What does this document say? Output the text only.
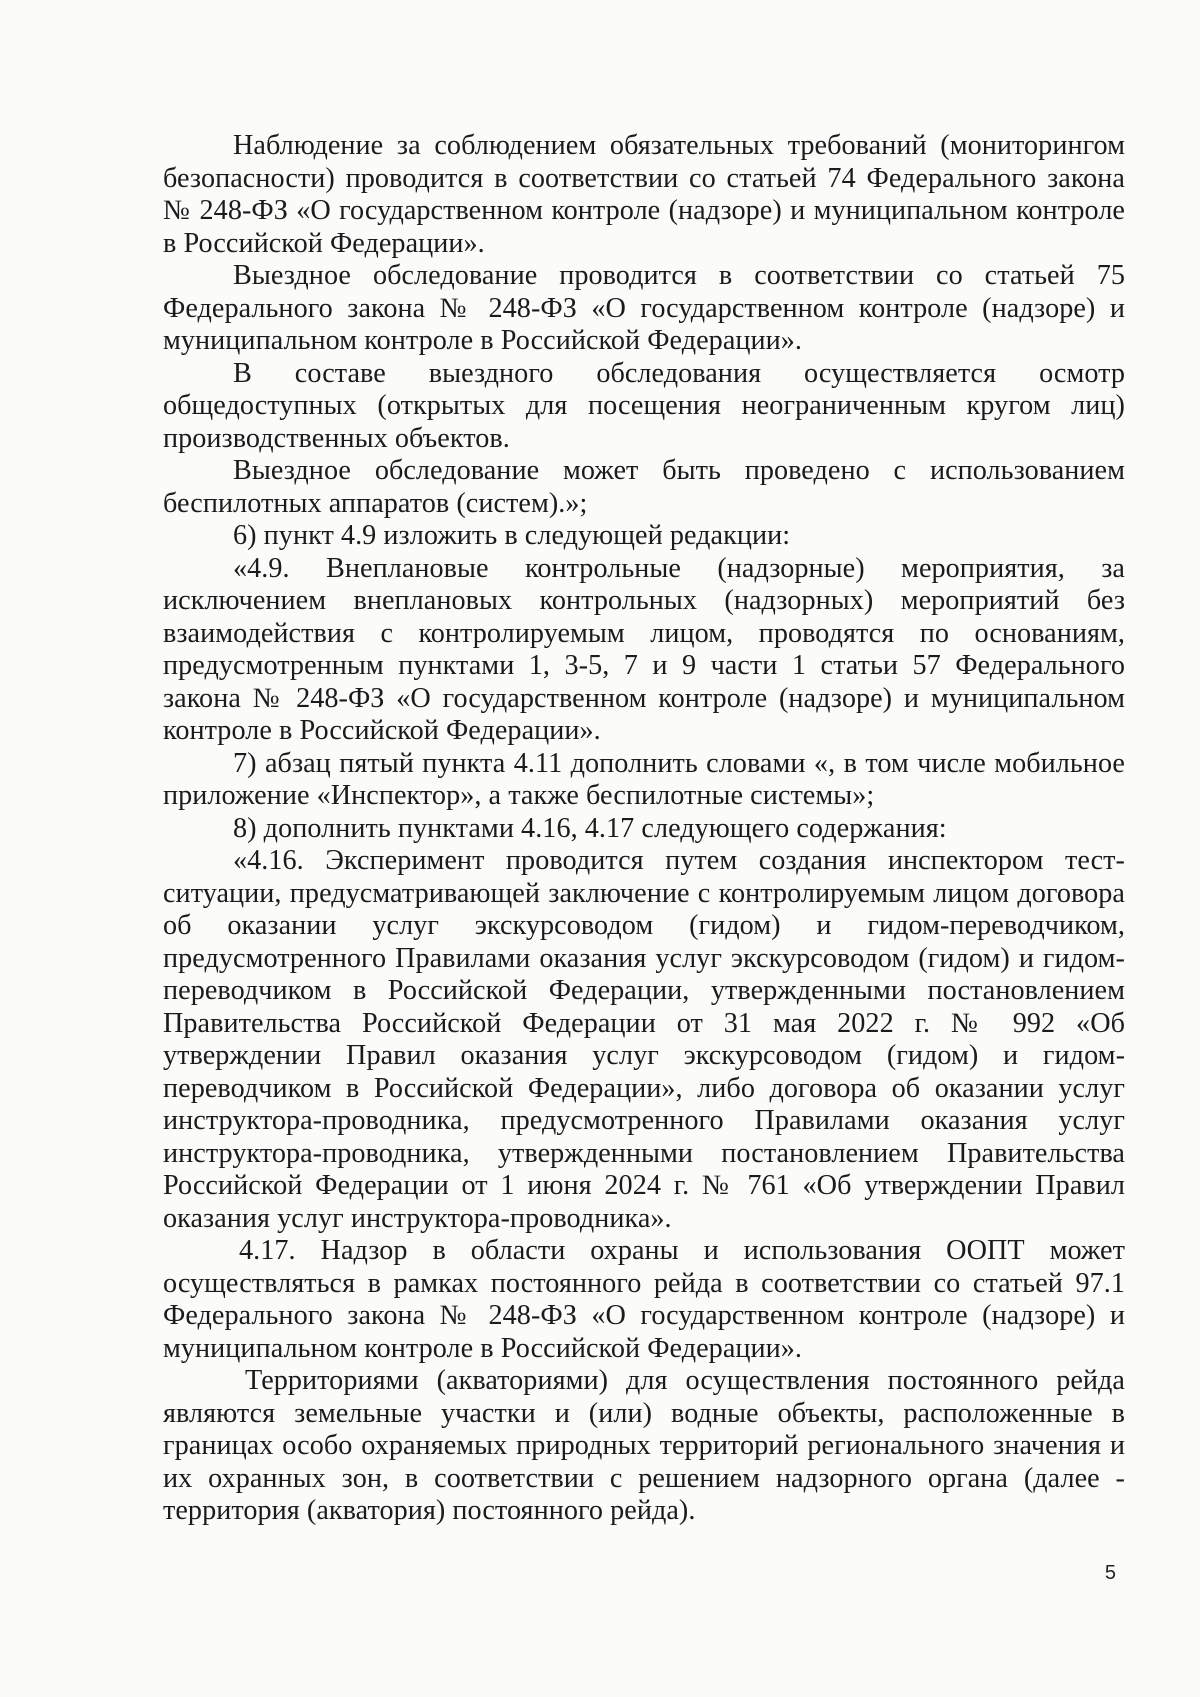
Наблюдение за соблюдением обязательных требований (мониторингом безопасности) проводится в соответствии со статьей 74 Федерального закона № 248-ФЗ «О государственном контроле (надзоре) и муниципальном контроле в Российской Федерации».

Выездное обследование проводится в соответствии со статьей 75 Федерального закона № 248-ФЗ «О государственном контроле (надзоре) и муниципальном контроле в Российской Федерации».

В составе выездного обследования осуществляется осмотр общедоступных (открытых для посещения неограниченным кругом лиц) производственных объектов.

Выездное обследование может быть проведено с использованием беспилотных аппаратов (систем).»;

6) пункт 4.9 изложить в следующей редакции:

«4.9. Внеплановые контрольные (надзорные) мероприятия, за исключением внеплановых контрольных (надзорных) мероприятий без взаимодействия с контролируемым лицом, проводятся по основаниям, предусмотренным пунктами 1, 3-5, 7 и 9 части 1 статьи 57 Федерального закона № 248-ФЗ «О государственном контроле (надзоре) и муниципальном контроле в Российской Федерации».

7) абзац пятый пункта 4.11 дополнить словами «, в том числе мобильное приложение «Инспектор», а также беспилотные системы»;

8) дополнить пунктами 4.16, 4.17 следующего содержания:

«4.16. Эксперимент проводится путем создания инспектором тест-ситуации, предусматривающей заключение с контролируемым лицом договора об оказании услуг экскурсоводом (гидом) и гидом-переводчиком, предусмотренного Правилами оказания услуг экскурсоводом (гидом) и гидом-переводчиком в Российской Федерации, утвержденными постановлением Правительства Российской Федерации от 31 мая 2022 г. № 992 «Об утверждении Правил оказания услуг экскурсоводом (гидом) и гидом-переводчиком в Российской Федерации», либо договора об оказании услуг инструктора-проводника, предусмотренного Правилами оказания услуг инструктора-проводника, утвержденными постановлением Правительства Российской Федерации от 1 июня 2024 г. № 761 «Об утверждении Правил оказания услуг инструктора-проводника».

4.17. Надзор в области охраны и использования ООПТ может осуществляться в рамках постоянного рейда в соответствии со статьей 97.1 Федерального закона № 248-ФЗ «О государственном контроле (надзоре) и муниципальном контроле в Российской Федерации».

Территориями (акваториями) для осуществления постоянного рейда являются земельные участки и (или) водные объекты, расположенные в границах особо охраняемых природных территорий регионального значения и их охранных зон, в соответствии с решением надзорного органа (далее - территория (акватория) постоянного рейда).

5
